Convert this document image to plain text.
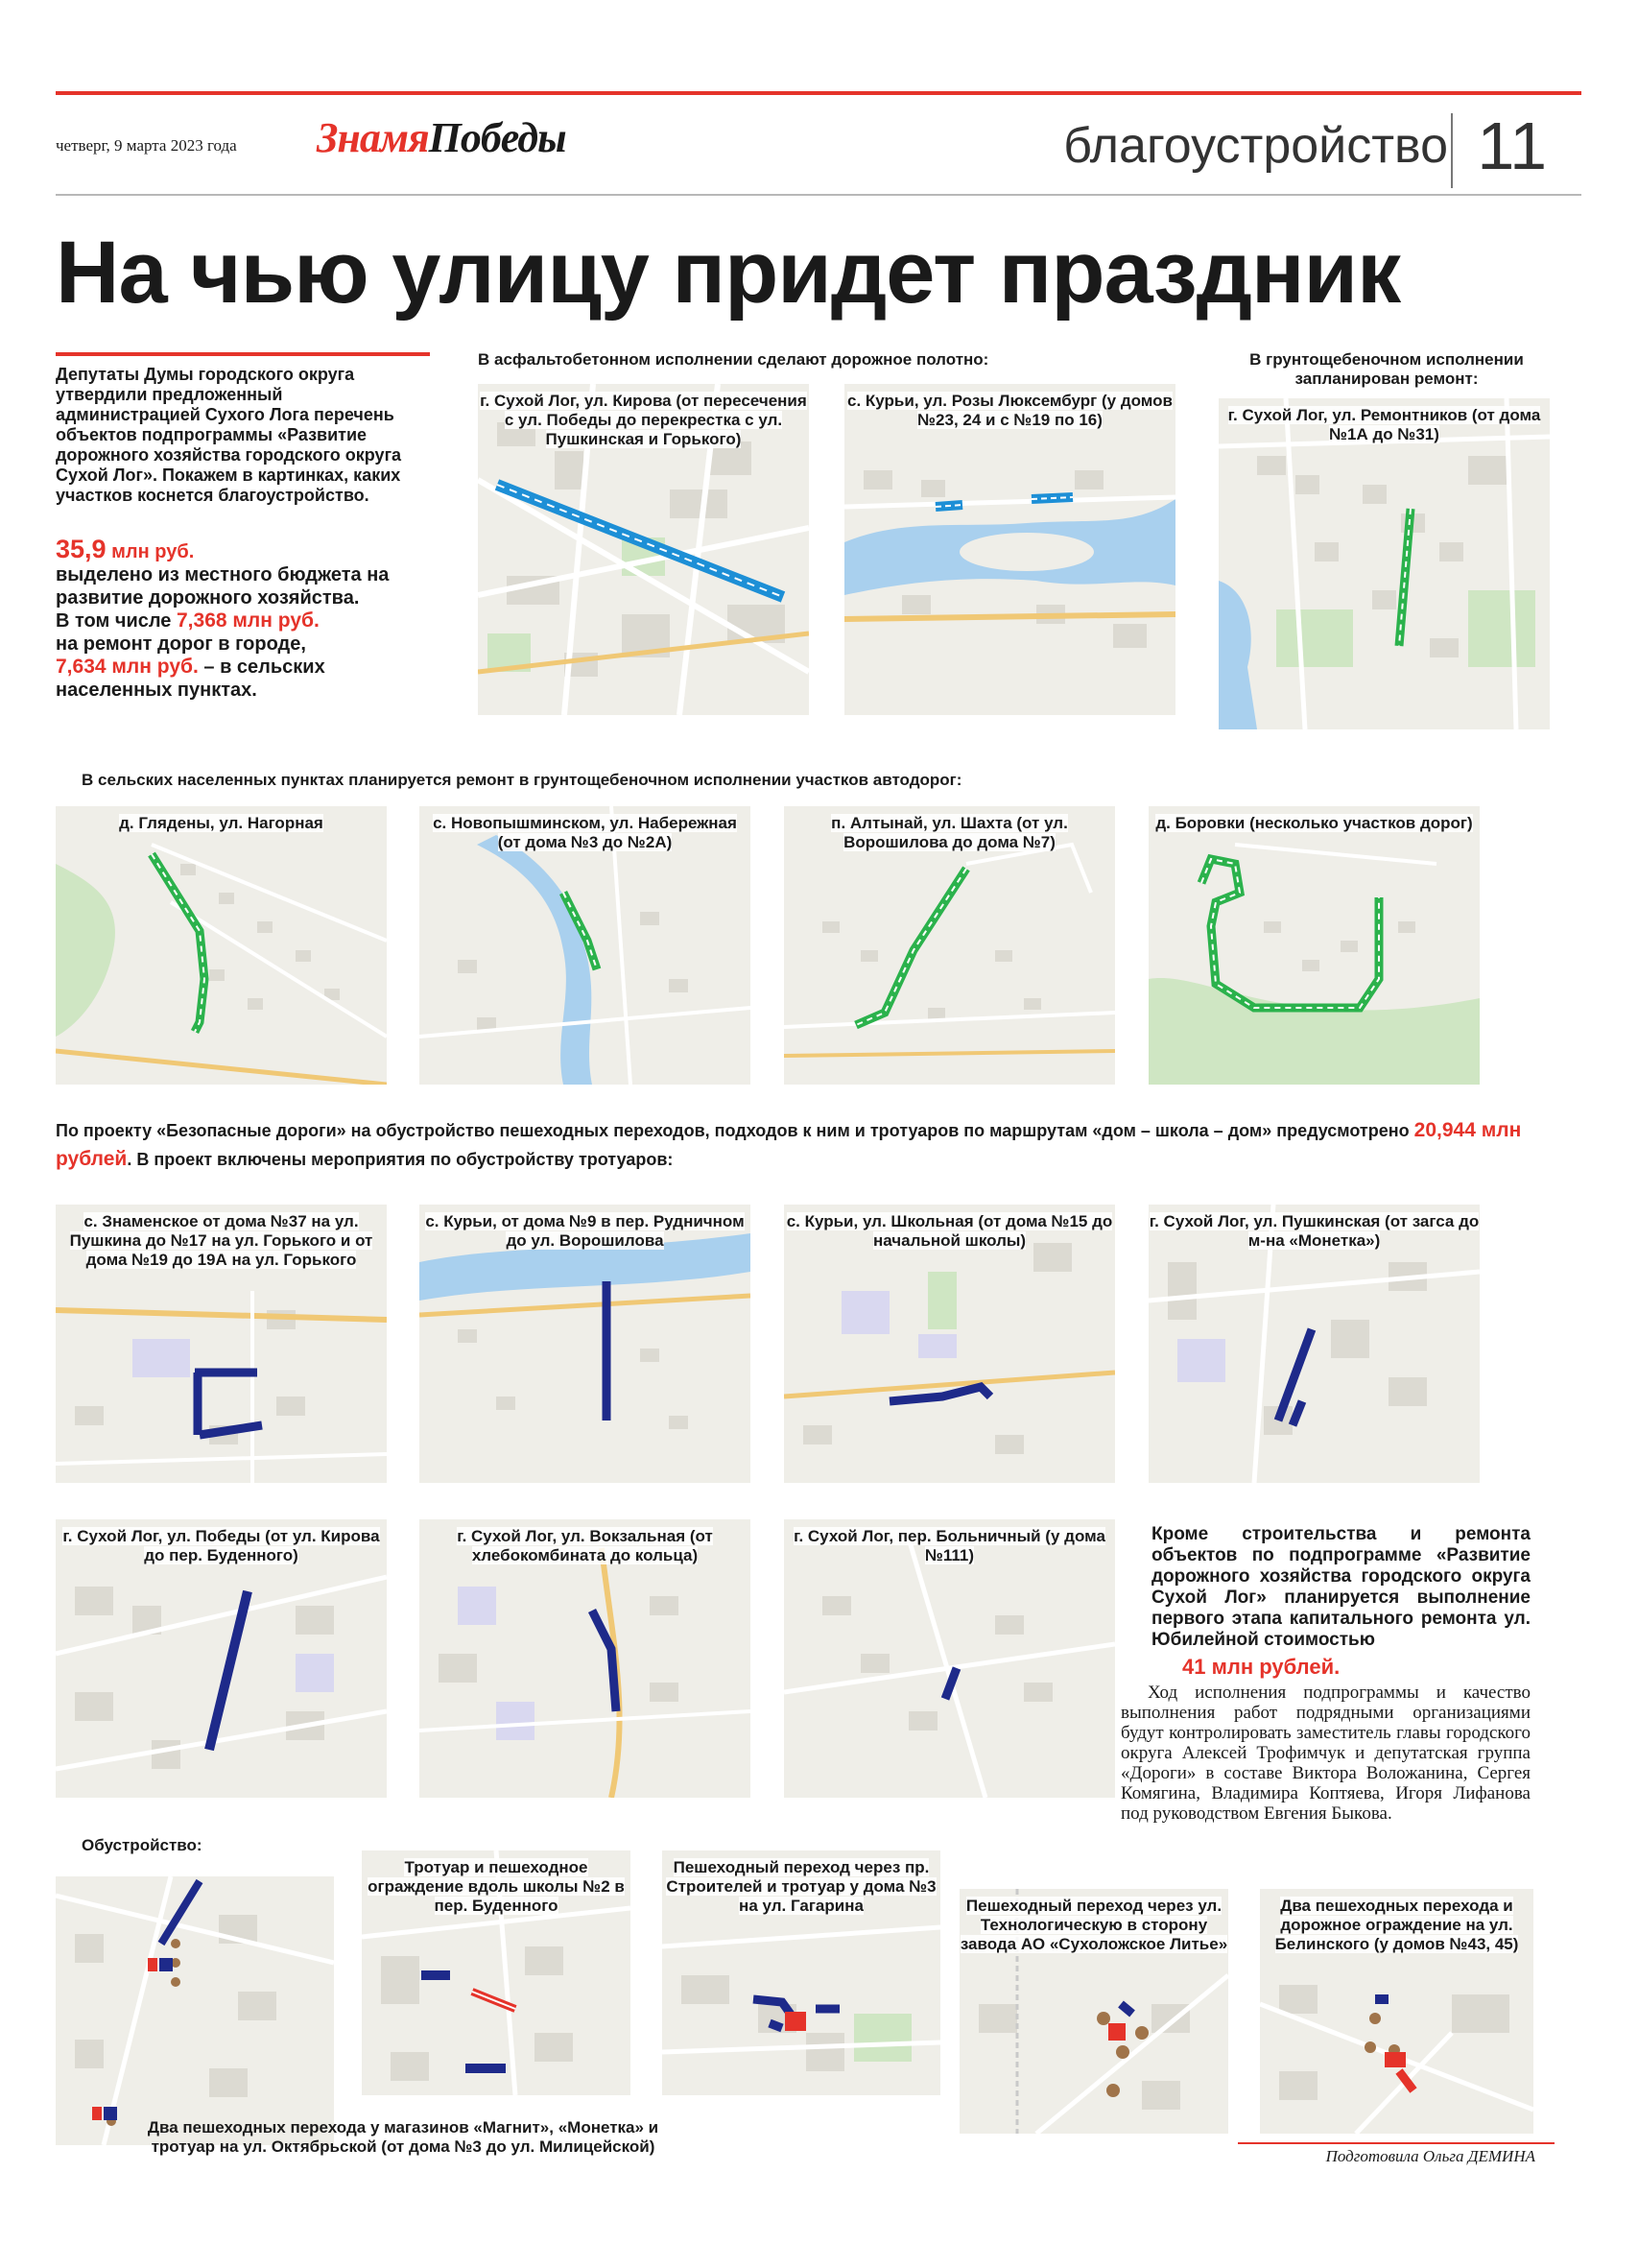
четверг, 9 марта 2023 года ЗнамяПобеды	благоустройство 11
На чью улицу придет праздник
Депутаты Думы городского округа утвердили предложенный администрацией Сухого Лога перечень объектов подпрограммы «Развитие дорожного хозяйства городского округа Сухой Лог». Покажем в картинках, каких участков коснется благоустройство.
35,9 млн руб.
выделено из местного бюджета на развитие дорожного хозяйства.
В том числе 7,368 млн руб.
на ремонт дорог в городе,
7,634 млн руб. – в сельских населенных пунктах.
В асфальтобетонном исполнении сделают дорожное полотно:
г. Сухой Лог, ул. Кирова (от пересечения с ул. Победы до перекрестка с ул. Пушкинская и Горького)
с. Курьи, ул. Розы Люксембург (у домов №23, 24 и с №19 по 16)
В грунтощебеночном исполнении запланирован ремонт:
г. Сухой Лог, ул. Ремонтников (от дома №1А до №31)
В сельских населенных пунктах планируется ремонт в грунтощебеночном исполнении участков автодорог:
д. Глядены, ул. Нагорная	с. Новопышминском, ул. Набережная (от дома №3 до №2А)
п. Алтынай, ул. Шахта (от ул. Ворошилова до дома №7)
д. Боровки (несколько участков дорог)
По проекту «Безопасные дороги» на обустройство пешеходных переходов, подходов к ним и тротуаров по маршрутам «дом – школа – дом» предусмотрено 20,944 млн рублей. В проект включены мероприятия по обустройству тротуаров:
с. Знаменское от дома №37 на ул. Пушкина до №17 на ул. Горького и от дома №19 до 19А на ул. Горького
с. Курьи, от дома №9 в пер. Рудничном до ул. Ворошилова
с. Курьи, ул. Школьная (от дома №15 до начальной школы)
г. Сухой Лог, ул. Пушкинская (от загса до м-на «Монетка»)
г. Сухой Лог, ул. Победы (от ул. Кирова до пер. Буденного)
г. Сухой Лог, ул. Вокзальная (от хлебокомбината до кольца)
г. Сухой Лог, пер. Больничный (у дома №111)
Кроме строительства и ремонта объектов по подпрограмме «Развитие дорожного хозяйства городского округа Сухой Лог» планируется выполнение первого этапа капитального ремонта ул. Юбилейной стоимостью
41 млн рублей.
Ход исполнения подпрограммы и качество выполнения работ подрядными организациями будут контролировать заместитель главы городского округа Алексей Трофимчук и депутатская группа «Дороги» в составе Виктора Воложанина, Сергея Комягина, Владимира Коптяева, Игоря Лифанова под руководством Евгения Быкова.
Обустройство:
Два пешеходных перехода у магазинов «Магнит», «Монетка» и тротуар на ул. Октябрьской (от дома №3 до ул. Милицейской)
Тротуар и пешеходное ограждение вдоль школы №2 в пер. Буденного
Пешеходный переход через пр. Строителей и тротуар у дома №3 на ул. Гагарина	Пешеходный переход через ул. Технологическую в сторону завода АО «Сухоложское Литье»
Два пешеходных перехода и дорожное ограждение на ул. Белинского (у домов №43, 45)
Подготовила Ольга ДЕМИНА
